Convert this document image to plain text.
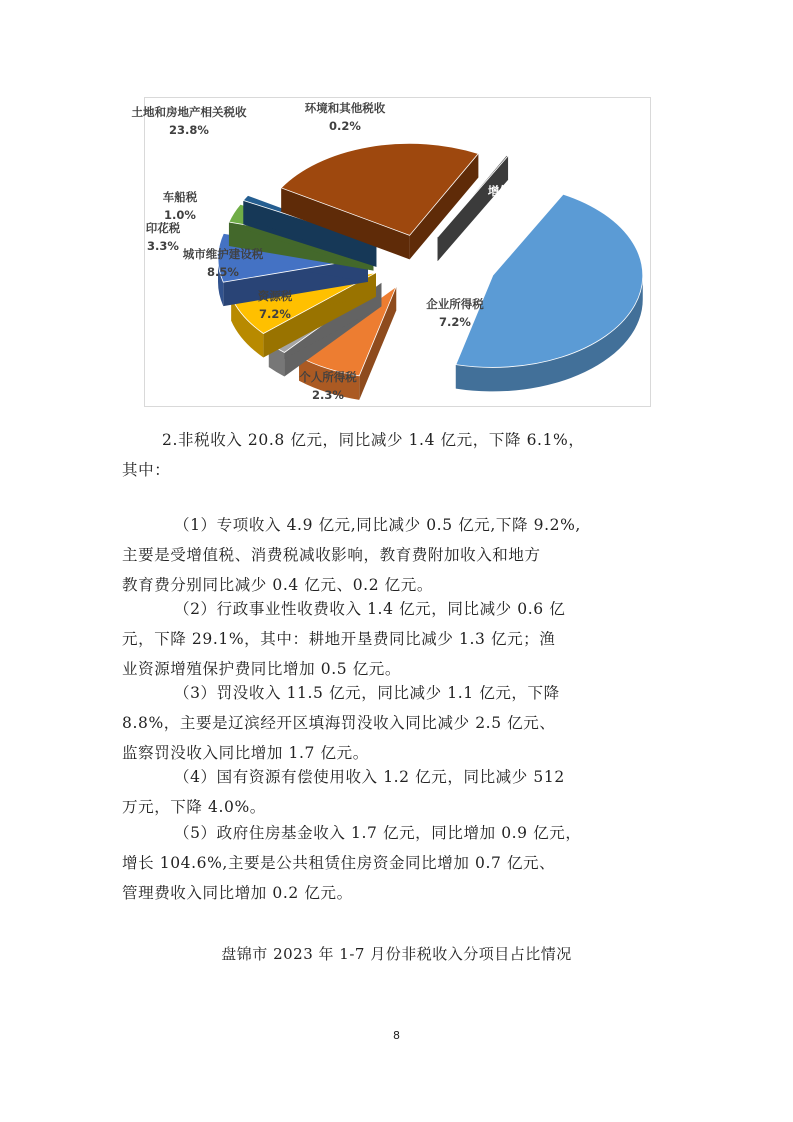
增值税
45.9%
企业所得税
7.2%
个人所得税
2.3%
资源税
7.2%
城市维护建设税
8.5%
印花税
3.3%
车船税
1.0%
土地和房地产相关税收
23.8%
环境和其他税收
0.2%
2.非税收入 20.8 亿元，同比减少 1.4 亿元，下降 6.1%，
其中：
（1）专项收入 4.9 亿元,同比减少 0.5 亿元,下降 9.2%,
主要是受增值税、消费税减收影响，教育费附加收入和地方
教育费分别同比减少 0.4 亿元、0.2 亿元。
（2）行政事业性收费收入 1.4 亿元，同比减少 0.6 亿
元，下降 29.1%，其中：耕地开垦费同比减少 1.3 亿元；渔
业资源增殖保护费同比增加 0.5 亿元。
（3）罚没收入 11.5 亿元，同比减少 1.1 亿元，下降
8.8%，主要是辽滨经开区填海罚没收入同比减少 2.5 亿元、
监察罚没收入同比增加 1.7 亿元。
（4）国有资源有偿使用收入 1.2 亿元，同比减少 512
万元，下降 4.0%。
（5）政府住房基金收入 1.7 亿元，同比增加 0.9 亿元，
增长 104.6%,主要是公共租赁住房资金同比增加 0.7 亿元、
管理费收入同比增加 0.2 亿元。
盘锦市 2023 年 1-7 月份非税收入分项目占比情况
8
